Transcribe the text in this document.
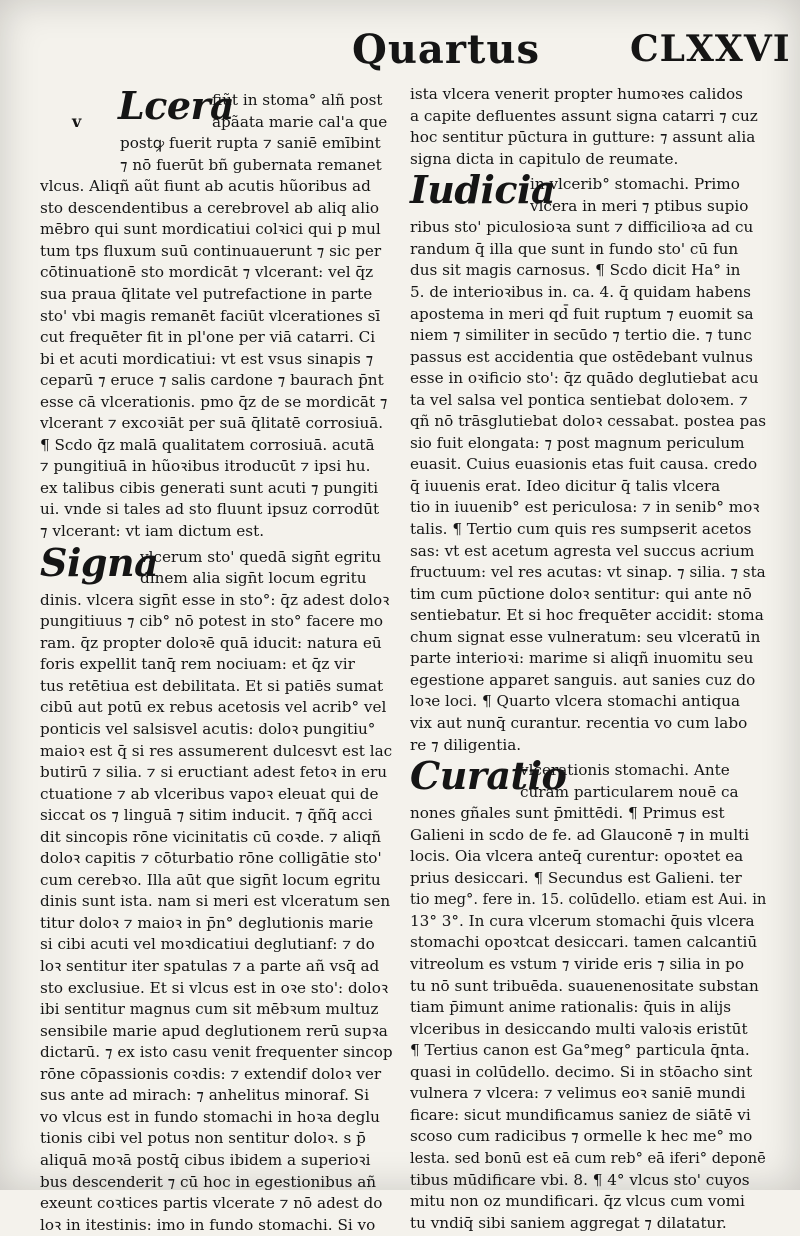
Quartus	CLXXVI
v Lcera
fiũt in stoma° alñ post
apãata marie cal'a que
postꝙ fuerit rupta ⁊ saniē emībint
⁊ nō fuerūt bñ gubernata remanet
vlcus. Aliqñ aũt fiunt ab acutis hũoribus ad
sto descendentibus a cerebrovel ab aliq alio
mēbro qui sunt mordicatiui colꝛici qui p mul
tum tps fluxum suū continuauerunt ⁊ sic per
cōtinuationē sto mordicāt ⁊ vlcerant: vel q̄z
sua praua q̄litate vel putrefactione in parte
sto' vbi magis remanēt faciūt vlcerationes sī
cut frequēter fit in pl'one per viā catarri. Ci
bi et acuti mordicatiui: vt est vsus sinapis ⁊
ceparū ⁊ eruce ⁊ salis cardone ⁊ baurach p̄nt
esse cā vlcerationis. pmo q̄z de se mordicāt ⁊
vlcerant ⁊ excoꝛiāt per suā q̄litatē corrosiuā.
¶ Scdo q̄z malā qualitatem corrosiuā. acutā
⁊ pungitiuā in hũoꝛibus itroducūt ⁊ ipsi hu.
ex talibus cibis generati sunt acuti ⁊ pungiti
ui. vnde si tales ad sto fluunt ipsuz corrodūt
⁊ vlcerant: vt iam dictum est.
Signa
vlcerum sto' quedā sign̄t egritu
dinem alia sign̄t locum egritu
dinis. vlcera sign̄t esse in sto°: q̄z adest doloꝛ
pungitiuus ⁊ cib° nō potest in sto° facere mo
ram. q̄z propter doloꝛē quā iducit: natura eū
foris expellit tanq̄ rem nociuam: et q̄z vir
tus retētiua est debilitata. Et si patiēs sumat
cibū aut potū ex rebus acetosis vel acrib° vel
ponticis vel salsisvel acutis: doloꝛ pungitiu°
maioꝛ est q̄ si res assumerent dulcesvt est lac
butirū ⁊ silia. ⁊ si eructiant adest fetoꝛ in eru
ctuatione ⁊ ab vlceribus vapoꝛ eleuat qui de
siccat os ⁊ linguā ⁊ sitim inducit. ⁊ q̄ñq̄ acci
dit sincopis rōne vicinitatis cū coꝛde. ⁊ aliqñ
doloꝛ capitis ⁊ cōturbatio rōne colligātie sto'
cum cerebꝛo. Illa aūt que sign̄t locum egritu
dinis sunt ista. nam si meri est vlceratum sen
titur doloꝛ ⁊ maioꝛ in p̄n° deglutionis marie
si cibi acuti vel moꝛdicatiui deglutianf: ⁊ do
loꝛ sentitur iter spatulas ⁊ a parte añ vsq̄ ad
sto exclusiue. Et si vlcus est in oꝛe sto': doloꝛ
ibi sentitur magnus cum sit mēbꝛum multuz
sensibile marie apud deglutionem rerū supꝛa
dictarū. ⁊ ex isto casu venit frequenter sincop
rōne cōpassionis coꝛdis: ⁊ extendif doloꝛ ver
sus ante ad mirach: ⁊ anhelitus minoraf. Si
vo vlcus est in fundo stomachi in hoꝛa deglu
tionis cibi vel potus non sentitur doloꝛ. s p̄
aliquā moꝛā postq̄ cibus ibidem a superioꝛi
bus descenderit ⁊ cū hoc in egestionibus añ
exeunt coꝛtices partis vlcerate ⁊ nō adest do
loꝛ in itestinis: imo in fundo stomachi. Si vo
ista vlcera venerit propter humoꝛes calidos
a capite defluentes assunt signa catarri ⁊ cuz
hoc sentitur pūctura in gutture: ⁊ assunt alia
signa dicta in capitulo de reumate.
Iudicia
in vlcerib° stomachi. Primo
vlcera in meri ⁊ ptibus supio
ribus sto' piculosioꝛa sunt ⁊ difficilioꝛa ad cu
randum q̄ illa que sunt in fundo sto' cū fun
dus sit magis carnosus. ¶ Scdo dicit Ha° in
5. de interioꝛibus in. ca. 4. q̄ quidam habens
apostema in meri qd̄ fuit ruptum ⁊ euomit sa
niem ⁊ similiter in secūdo ⁊ tertio die. ⁊ tunc
passus est accidentia que ostēdebant vulnus
esse in oꝛificio sto': q̄z quādo deglutiebat acu
ta vel salsa vel pontica sentiebat doloꝛem. ⁊
qñ nō trāsglutiebat doloꝛ cessabat. postea pas
sio fuit elongata: ⁊ post magnum periculum
euasit. Cuius euasionis etas fuit causa. credo
q̄ iuuenis erat. Ideo dicitur q̄ talis vlcera
tio in iuuenib° est periculosa: ⁊ in senib° moꝛ
talis. ¶ Tertio cum quis res sumpserit acetos
sas: vt est acetum agresta vel succus acrium
fructuum: vel res acutas: vt sinap. ⁊ silia. ⁊ sta
tim cum pūctione doloꝛ sentitur: qui ante nō
sentiebatur. Et si hoc frequēter accidit: stoma
chum signat esse vulneratum: seu vlceratū in
parte interioꝛi: marime si aliqñ inuomitu seu
egestione apparet sanguis. aut sanies cuz do
loꝛe loci. ¶ Quarto vlcera stomachi antiqua
vix aut nunq̄ curantur. recentia vo cum labo
re ⁊ diligentia.
Curatio
vlcerationis stomachi. Ante
curam particularem nouē ca
nones gñales sunt p̄mittēdi. ¶ Primus est
Galieni in scdo de fe. ad Glauconē ⁊ in multi
locis. Oia vlcera anteq̄ curentur: opoꝛtet ea
prius desiccari. ¶ Secundus est Galieni. ter
tio meg°. fere in. 15. colūdello. etiam est Aui. in
13° 3°. In cura vlcerum stomachi q̄uis vlcera
stomachi opoꝛtcat desiccari. tamen calcantiū
vitreolum es vstum ⁊ viride eris ⁊ silia in po
tu nō sunt tribuēda. suauenenositate substan
tiam p̄imunt anime rationalis: q̄uis in alijs
vlceribus in desiccando multi valoꝛis eristūt
¶ Tertius canon est Ga°meg° particula q̄nta.
quasi in colūdello. decimo. Si in stōacho sint
vulnera ⁊ vlcera: ⁊ velimus eoꝛ saniē mundi
ficare: sicut mundificamus saniez de siātē vi
scoso cum radicibus ⁊ ormelle k hec me° mo
lesta. sed bonū est eā cum reb° eā iferi° deponē
tibus mūdificare vbi. 8. ¶ 4° vlcus sto' cuyos
mitu non oz mundificari. q̄z vlcus cum vomi
tu vndiq̄ sibi saniem aggregat ⁊ dilatatur.
